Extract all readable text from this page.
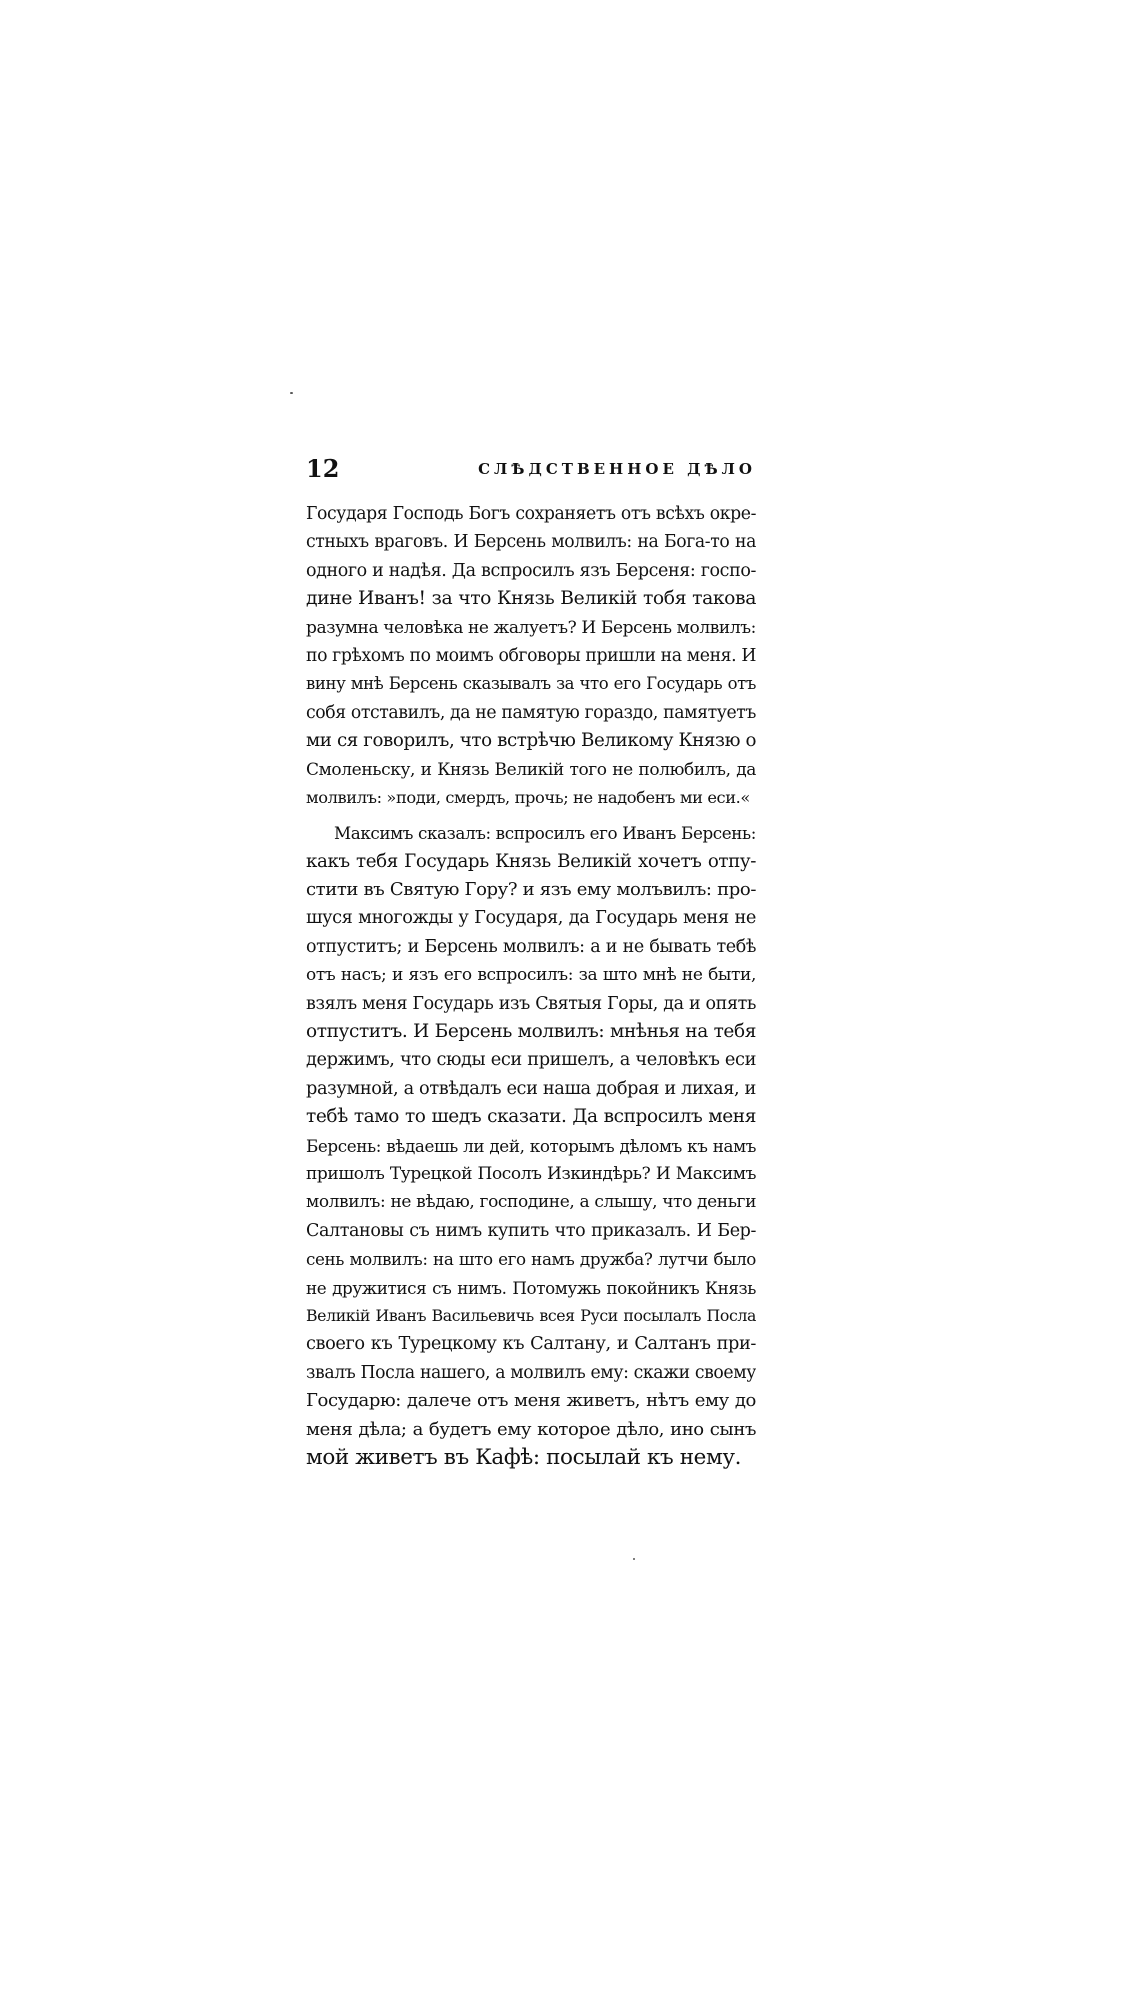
12	СЛѢДСТВЕННОЕ ДѢЛО
Государя Господь Богъ сохраняетъ отъ всѣхъ окре-
стныхъ враговъ. И Берсень молвилъ: на Бога-то на
одного и надѣя. Да вспросилъ язъ Берсеня: госпо-
дине Иванъ! за что Князь Великій тобя такова
разумна человѣка не жалуетъ? И Берсень молвилъ:
по грѣхомъ по моимъ обговоры пришли на меня. И
вину мнѣ Берсень сказывалъ за что его Государь отъ
собя отставилъ, да не памятую гораздо, памятуетъ
ми ся говорилъ, что встрѣчю Великому Князю о
Смоленьску, и Князь Великій того не полюбилъ, да
молвилъ: »поди, смердъ, прочь; не надобенъ ми еси.«
Максимъ сказалъ: вспросилъ его Иванъ Берсень:
какъ тебя Государь Князь Великій хочетъ отпу-
стити въ Святую Гору? и язъ ему молъвилъ: про-
шуся многожды у Государя, да Государь меня не
отпуститъ; и Берсень молвилъ: а и не бывать тебѣ
отъ насъ; и язъ его вспросилъ: за што мнѣ не быти,
взялъ меня Государь изъ Святыя Горы, да и опять
отпуститъ. И Берсень молвилъ: мнѣнья на тебя
держимъ, что сюды еси пришелъ, а человѣкъ еси
разумной, а отвѣдалъ еси наша добрая и лихая, и
тебѣ тамо то шедъ сказати. Да вспросилъ меня
Берсень: вѣдаешь ли дей, которымъ дѣломъ къ намъ
пришолъ Турецкой Посолъ Изкиндѣрь? И Максимъ
молвилъ: не вѣдаю, господине, а слышу, что деньги
Салтановы съ нимъ купить что приказалъ. И Бер-
сень молвилъ: на што его намъ дружба? лутчи было
не дружитися съ нимъ. Потомужь покойникъ Князь
Великій Иванъ Васильевичь всея Руси посылалъ Посла
своего къ Турецкому къ Салтану, и Салтанъ при-
звалъ Посла нашего, а молвилъ ему: скажи своему
Государю: далече отъ меня живетъ, нѣтъ ему до
меня дѣла; а будетъ ему которое дѣло, ино сынъ
мой живетъ въ Кафѣ: посылай къ нему.
